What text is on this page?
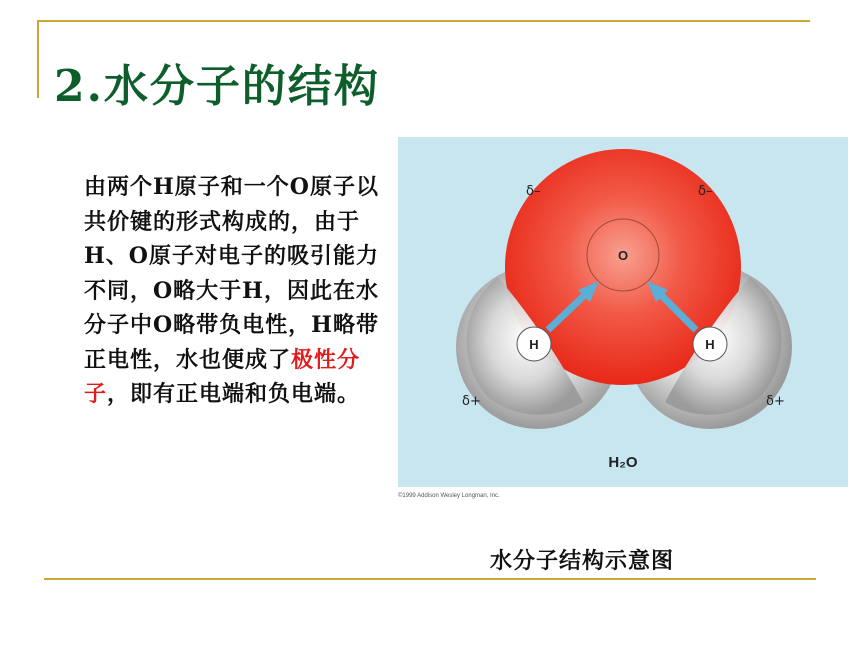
2.水分子的结构
由两个H原子和一个O原子以共价键的形式构成的，由于H、O原子对电子的吸引能力不同，O略大于H，因此在水分子中O略带负电性，H略带正电性，水也便成了极性分子，即有正电端和负电端。
O
H	H
δ–	δ–
δ+	δ+
H₂O
©1999 Addison Wesley Longman, Inc.
水分子结构示意图
